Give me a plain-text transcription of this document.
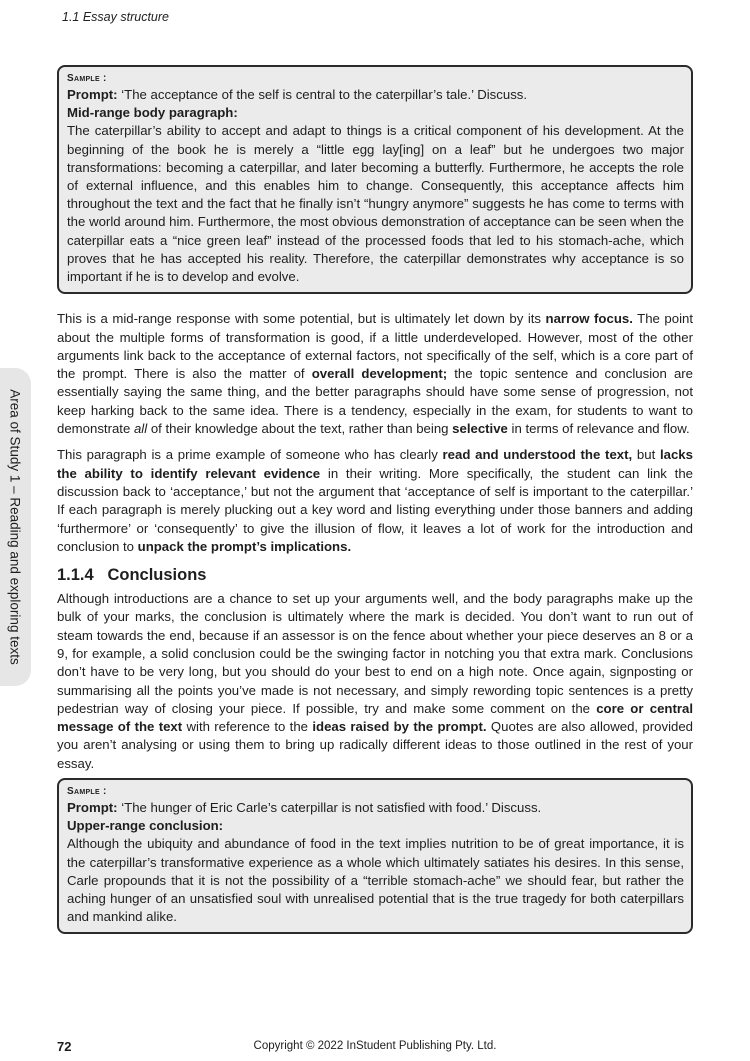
1.1 Essay structure
Area of Study 1 – Reading and exploring texts
Sample :
Prompt: ‘The acceptance of the self is central to the caterpillar’s tale.’ Discuss.
Mid-range body paragraph:
The caterpillar’s ability to accept and adapt to things is a critical component of his development. At the beginning of the book he is merely a “little egg lay[ing] on a leaf” but he undergoes two major transformations: becoming a caterpillar, and later becoming a butterfly. Furthermore, he accepts the role of external influence, and this enables him to change. Consequently, this acceptance affects him throughout the text and the fact that he finally isn’t “hungry anymore” suggests he has come to terms with the world around him. Furthermore, the most obvious demonstration of acceptance can be seen when the caterpillar eats a “nice green leaf” instead of the processed foods that led to his stomach-ache, which proves that he has accepted his reality. Therefore, the caterpillar demonstrates why acceptance is so important if he is to develop and evolve.

This is a mid-range response with some potential, but is ultimately let down by its narrow focus. The point about the multiple forms of transformation is good, if a little underdeveloped. However, most of the other arguments link back to the acceptance of external factors, not specifically of the self, which is a core part of the prompt. There is also the matter of overall development; the topic sentence and conclusion are essentially saying the same thing, and the better paragraphs should have some sense of progression, not keep harking back to the same idea. There is a tendency, especially in the exam, for students to want to demonstrate all of their knowledge about the text, rather than being selective in terms of relevance and flow.

This paragraph is a prime example of someone who has clearly read and understood the text, but lacks the ability to identify relevant evidence in their writing. More specifically, the student can link the discussion back to ‘acceptance,’ but not the argument that ‘acceptance of self is important to the caterpillar.’ If each paragraph is merely plucking out a key word and listing everything under those banners and adding ‘furthermore’ or ‘consequently’ to give the illusion of flow, it leaves a lot of work for the introduction and conclusion to unpack the prompt’s implications.

1.1.4 Conclusions

Although introductions are a chance to set up your arguments well, and the body paragraphs make up the bulk of your marks, the conclusion is ultimately where the mark is decided. You don’t want to run out of steam towards the end, because if an assessor is on the fence about whether your piece deserves an 8 or a 9, for example, a solid conclusion could be the swinging factor in notching you that extra mark. Conclusions don’t have to be very long, but you should do your best to end on a high note. Once again, signposting or summarising all the points you’ve made is not necessary, and simply rewording topic sentences is a pretty pedestrian way of closing your piece. If possible, try and make some comment on the core or central message of the text with reference to the ideas raised by the prompt. Quotes are also allowed, provided you aren’t analysing or using them to bring up radically different ideas to those outlined in the rest of your essay.

Sample :
Prompt: ‘The hunger of Eric Carle’s caterpillar is not satisfied with food.’ Discuss.
Upper-range conclusion:
Although the ubiquity and abundance of food in the text implies nutrition to be of great importance, it is the caterpillar’s transformative experience as a whole which ultimately satiates his desires. In this sense, Carle propounds that it is not the possibility of a “terrible stomach-ache” we should fear, but rather the aching hunger of an unsatisfied soul with unrealised potential that is the true tragedy for both caterpillars and mankind alike.
72	Copyright © 2022 InStudent Publishing Pty. Ltd.
